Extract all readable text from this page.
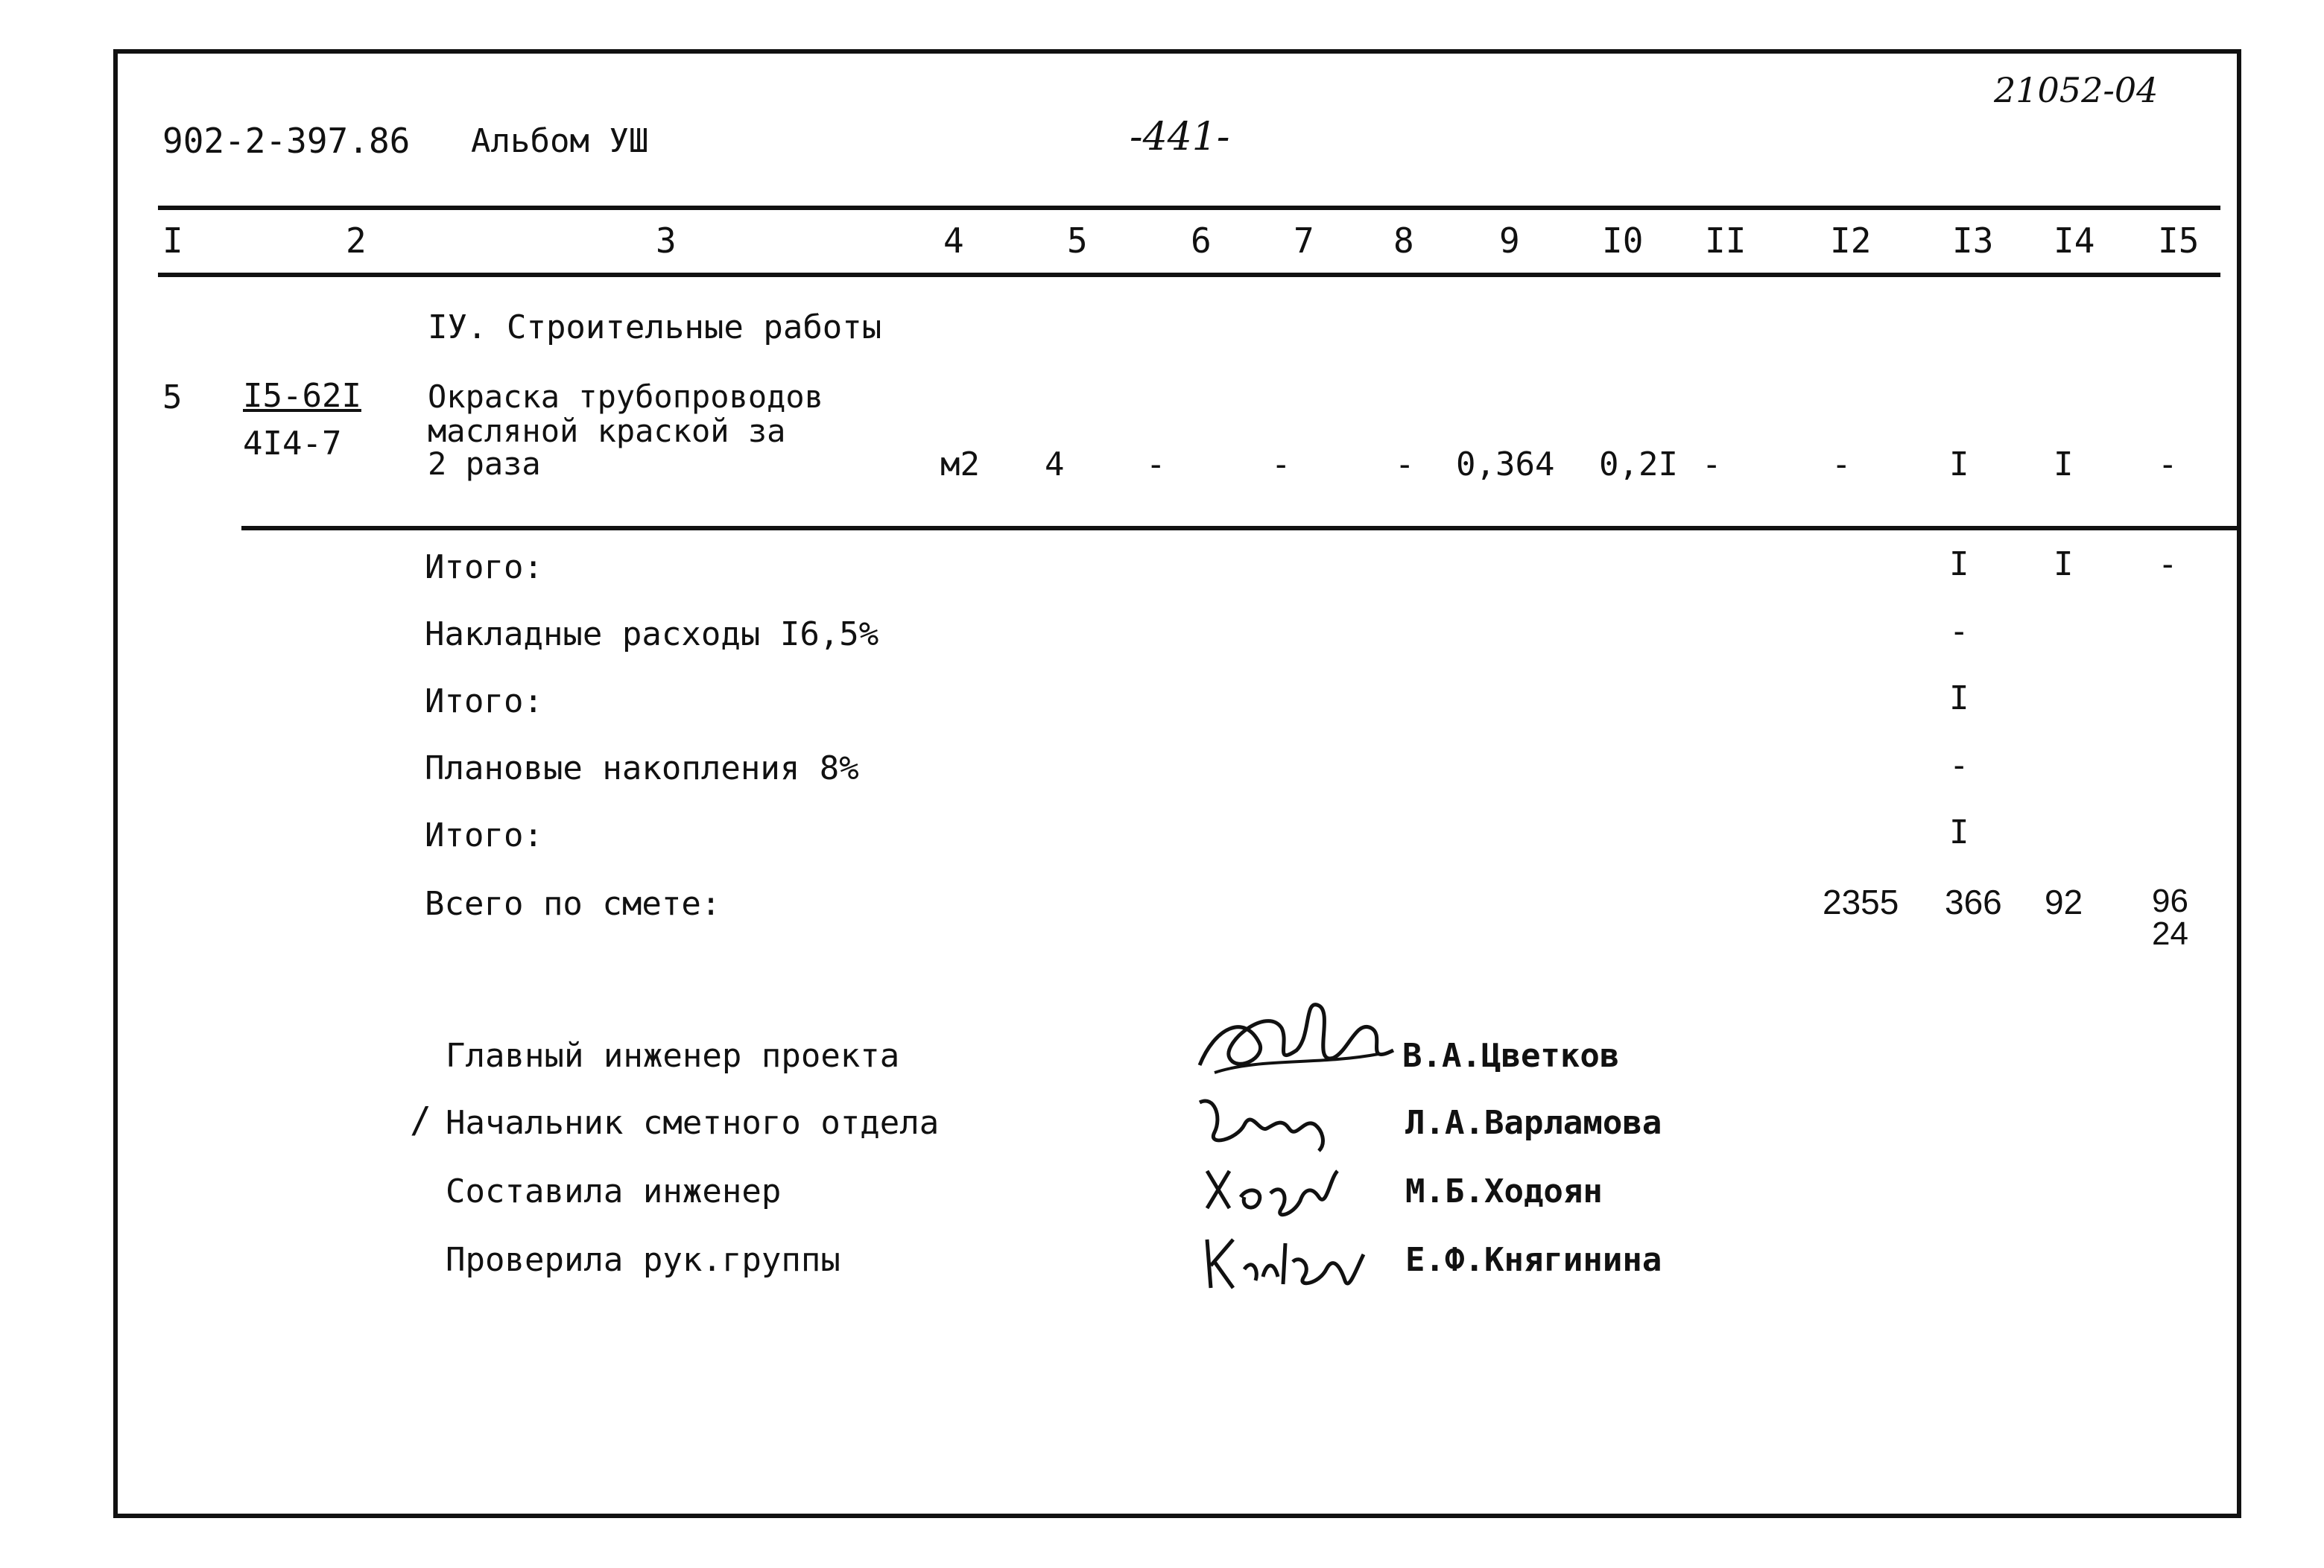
902-2-397.86 Альбом УШ	-441-
21052-04
I	2	3	4	5	6 7 8 9 I0 II I2 I3 I4 I5
IУ. Строительные работы
5 I5-62I
4I4-7
Окраска трубопроводов
масляной краской за
2 раза	м2 4 -	-	- 0,364 0,2I -	-	I	I	-
Итого:	I	I	-
Накладные расходы I6,5%	-
Итого:	I
Плановые накопления 8%	-
Итого:	I
Всего по смете:	2355 366 92 96
24
/
Главный инженер проекта
Начальник сметного отдела
Составила инженер
Проверила рук.группы
В.А.Цветков
Л.А.Варламова
М.Б.Ходоян
Е.Ф.Княгинина
